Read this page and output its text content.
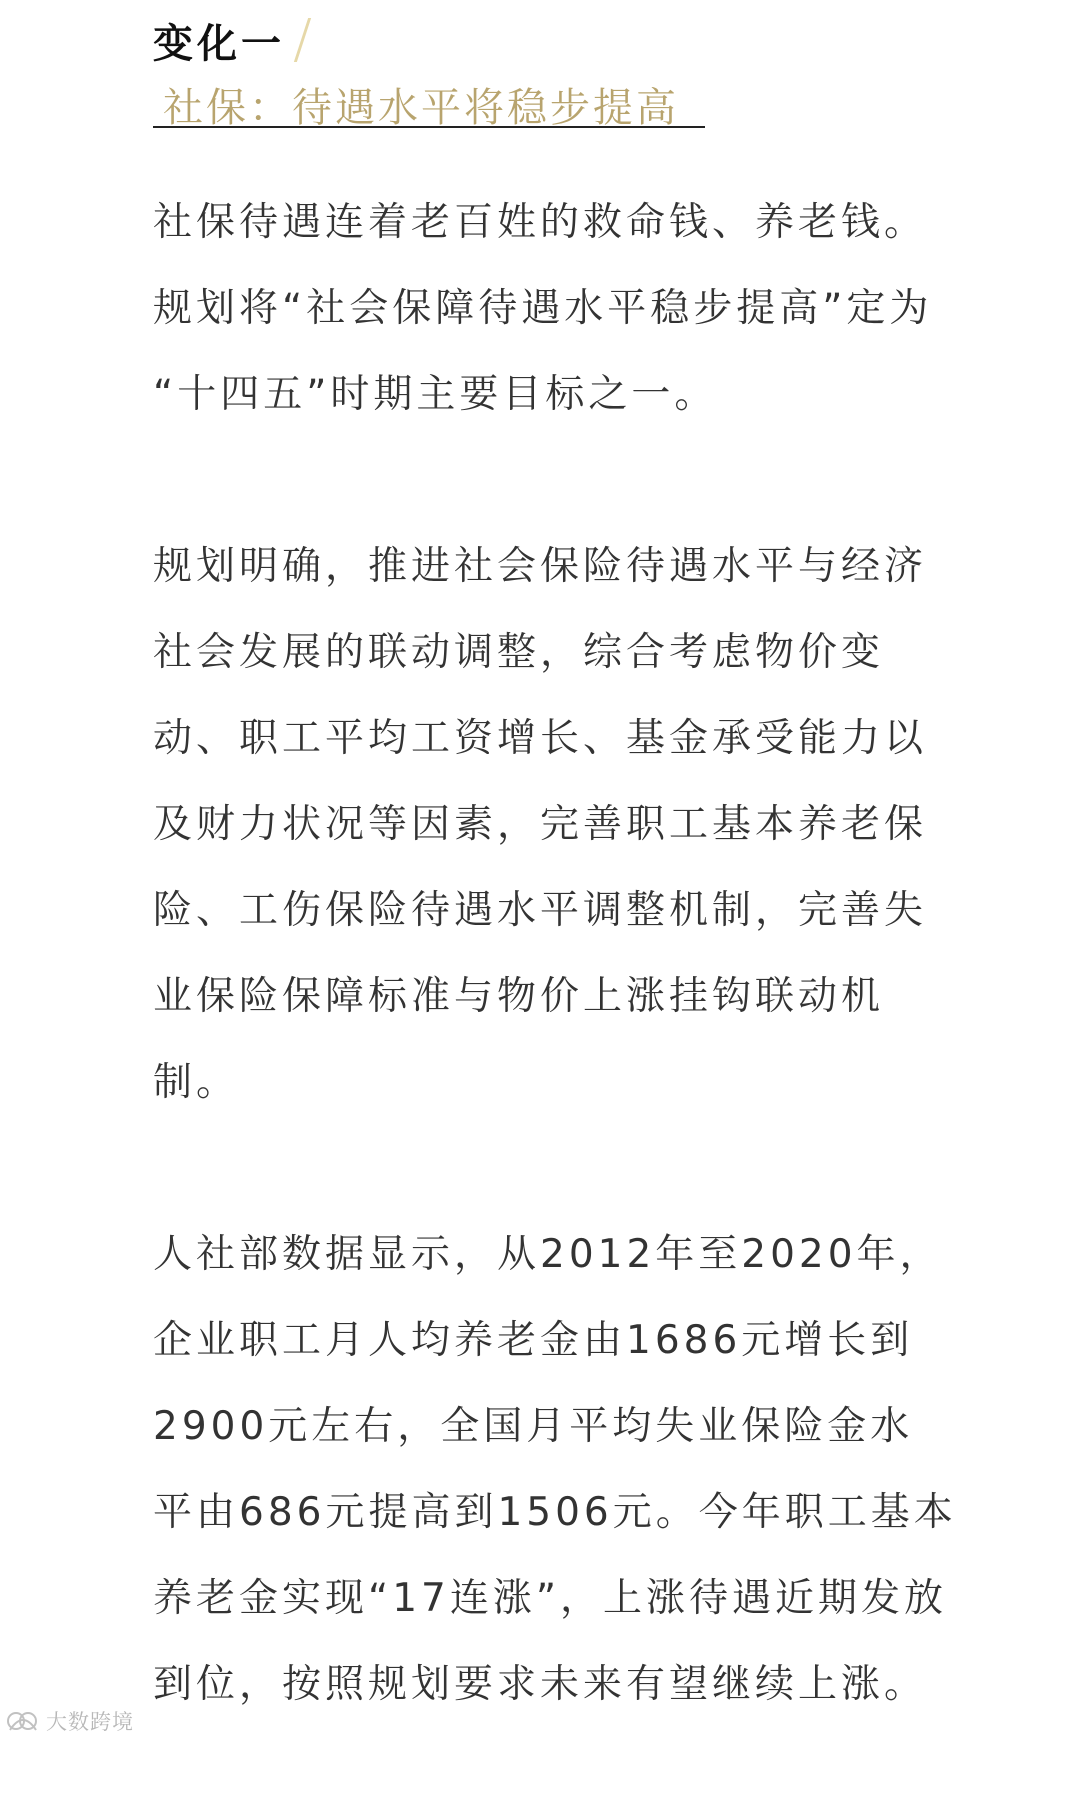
变化一
社保：待遇水平将稳步提高

社保待遇连着老百姓的救命钱、养老钱。
规划将“社会保障待遇水平稳步提高”定为
“十四五”时期主要目标之一。

规划明确，推进社会保险待遇水平与经济
社会发展的联动调整，综合考虑物价变
动、职工平均工资增长、基金承受能力以
及财力状况等因素，完善职工基本养老保
险、工伤保险待遇水平调整机制，完善失
业保险保障标准与物价上涨挂钩联动机
制。

人社部数据显示，从2012年至2020年，
企业职工月人均养老金由1686元增长到
2900元左右，全国月平均失业保险金水
平由686元提高到1506元。今年职工基本
养老金实现“17连涨”，上涨待遇近期发放
到位，按照规划要求未来有望继续上涨。

大数跨境
